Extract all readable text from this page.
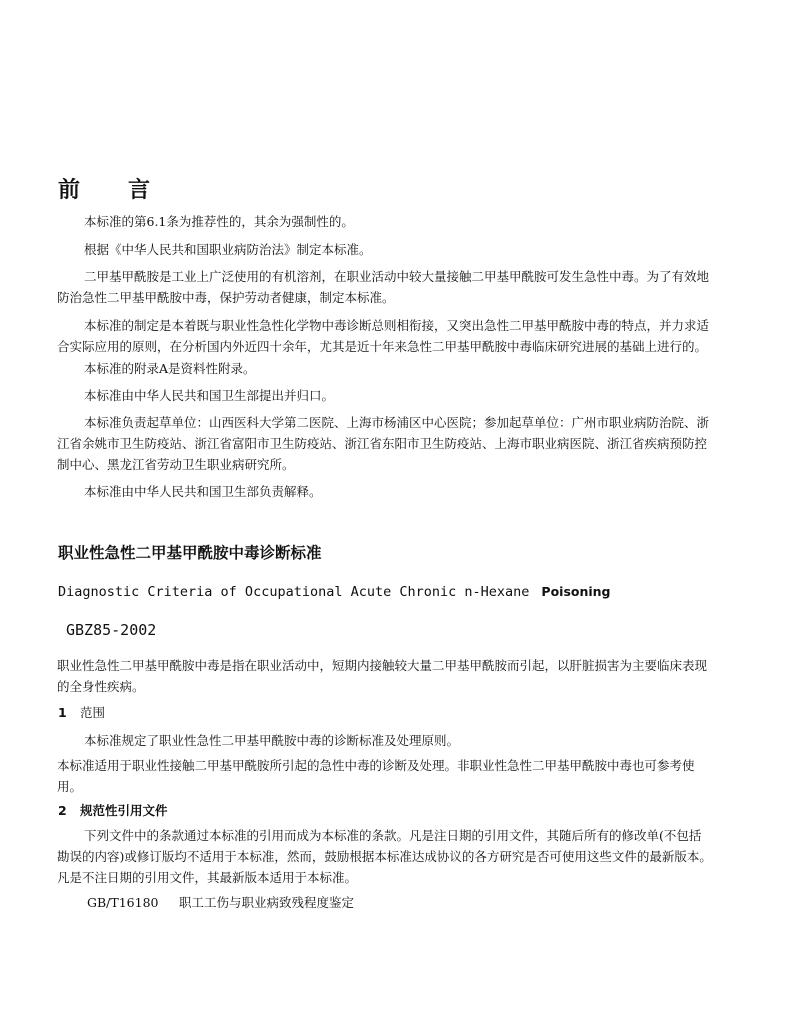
前 言
本标准的第6.1条为推荐性的，其余为强制性的。
根据《中华人民共和国职业病防治法》制定本标准。
二甲基甲酰胺是工业上广泛使用的有机溶剂，在职业活动中较大量接触二甲基甲酰胺可发生急性中毒。为了有效地
防治急性二甲基甲酰胺中毒，保护劳动者健康，制定本标准。
本标准的制定是本着既与职业性急性化学物中毒诊断总则相衔接，又突出急性二甲基甲酰胺中毒的特点，并力求适
合实际应用的原则，在分析国内外近四十余年，尤其是近十年来急性二甲基甲酰胺中毒临床研究进展的基础上进行的。
本标准的附录A是资料性附录。
本标准由中华人民共和国卫生部提出并归口。
本标准负责起草单位：山西医科大学第二医院、上海市杨浦区中心医院；参加起草单位：广州市职业病防治院、浙
江省余姚市卫生防疫站、浙江省富阳市卫生防疫站、浙江省东阳市卫生防疫站、上海市职业病医院、浙江省疾病预防控
制中心、黑龙江省劳动卫生职业病研究所。
本标准由中华人民共和国卫生部负责解释。
职业性急性二甲基甲酰胺中毒诊断标准
Diagnostic Criteria of Occupational Acute Chronic n-Hexane Poisoning
GBZ85-2002
职业性急性二甲基甲酰胺中毒是指在职业活动中，短期内接触较大量二甲基甲酰胺而引起，以肝脏损害为主要临床表现
的全身性疾病。
1 范围
本标准规定了职业性急性二甲基甲酰胺中毒的诊断标准及处理原则。
本标准适用于职业性接触二甲基甲酰胺所引起的急性中毒的诊断及处理。非职业性急性二甲基甲酰胺中毒也可参考使
用。
2 规范性引用文件
下列文件中的条款通过本标准的引用而成为本标准的条款。凡是注日期的引用文件，其随后所有的修改单(不包括
勘误的内容)或修订版均不适用于本标准，然而，鼓励根据本标准达成协议的各方研究是否可使用这些文件的最新版本。
凡是不注日期的引用文件，其最新版本适用于本标准。
GB/T16180 职工工伤与职业病致残程度鉴定
